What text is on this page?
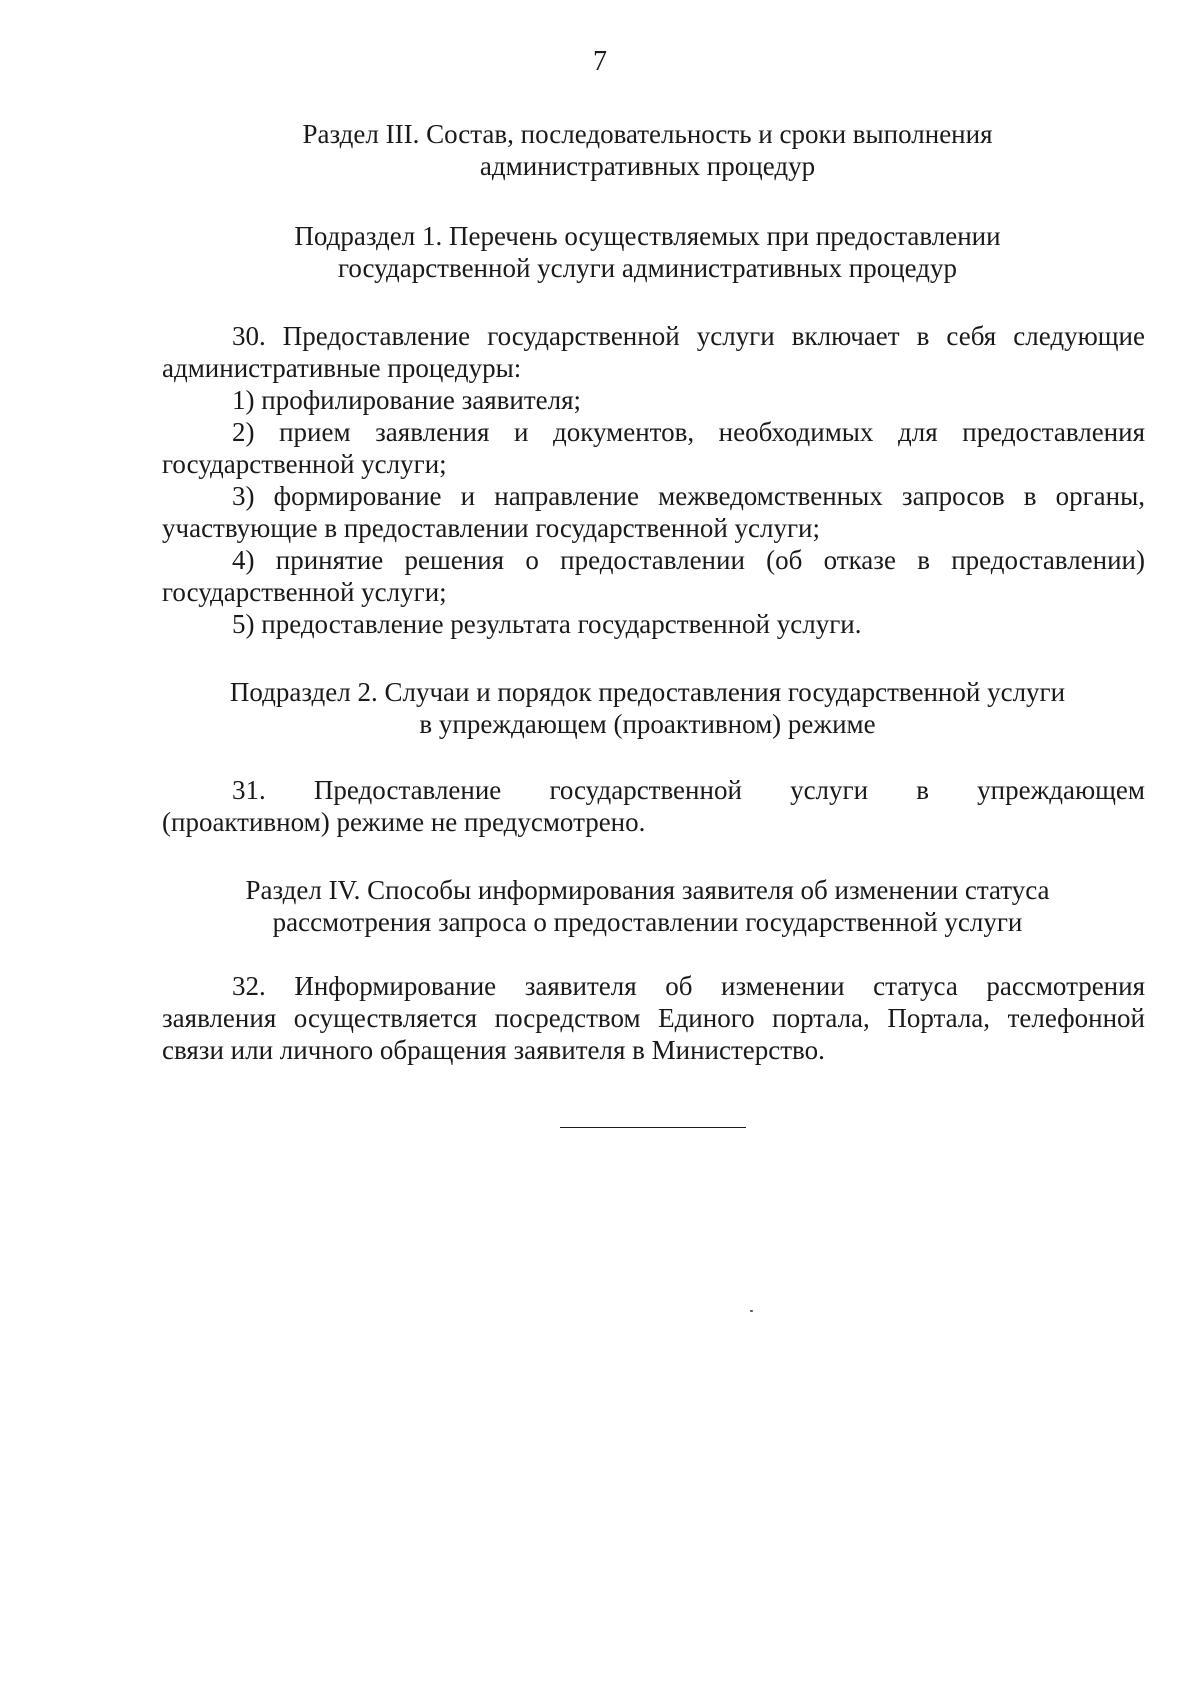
7
Раздел III. Состав, последовательность и сроки выполнения
административных процедур
Подраздел 1. Перечень осуществляемых при предоставлении
государственной услуги административных процедур
30. Предоставление государственной услуги включает в себя следующие
административные процедуры:
1) профилирование заявителя;
2) прием заявления и документов, необходимых для предоставления
государственной услуги;
3) формирование и направление межведомственных запросов в органы,
участвующие в предоставлении государственной услуги;
4) принятие решения о предоставлении (об отказе в предоставлении)
государственной услуги;
5) предоставление результата государственной услуги.
Подраздел 2. Случаи и порядок предоставления государственной услуги
в упреждающем (проактивном) режиме
31. Предоставление государственной услуги в упреждающем
(проактивном) режиме не предусмотрено.
Раздел IV. Способы информирования заявителя об изменении статуса
рассмотрения запроса о предоставлении государственной услуги
32. Информирование заявителя об изменении статуса рассмотрения
заявления осуществляется посредством Единого портала, Портала, телефонной
связи или личного обращения заявителя в Министерство.
